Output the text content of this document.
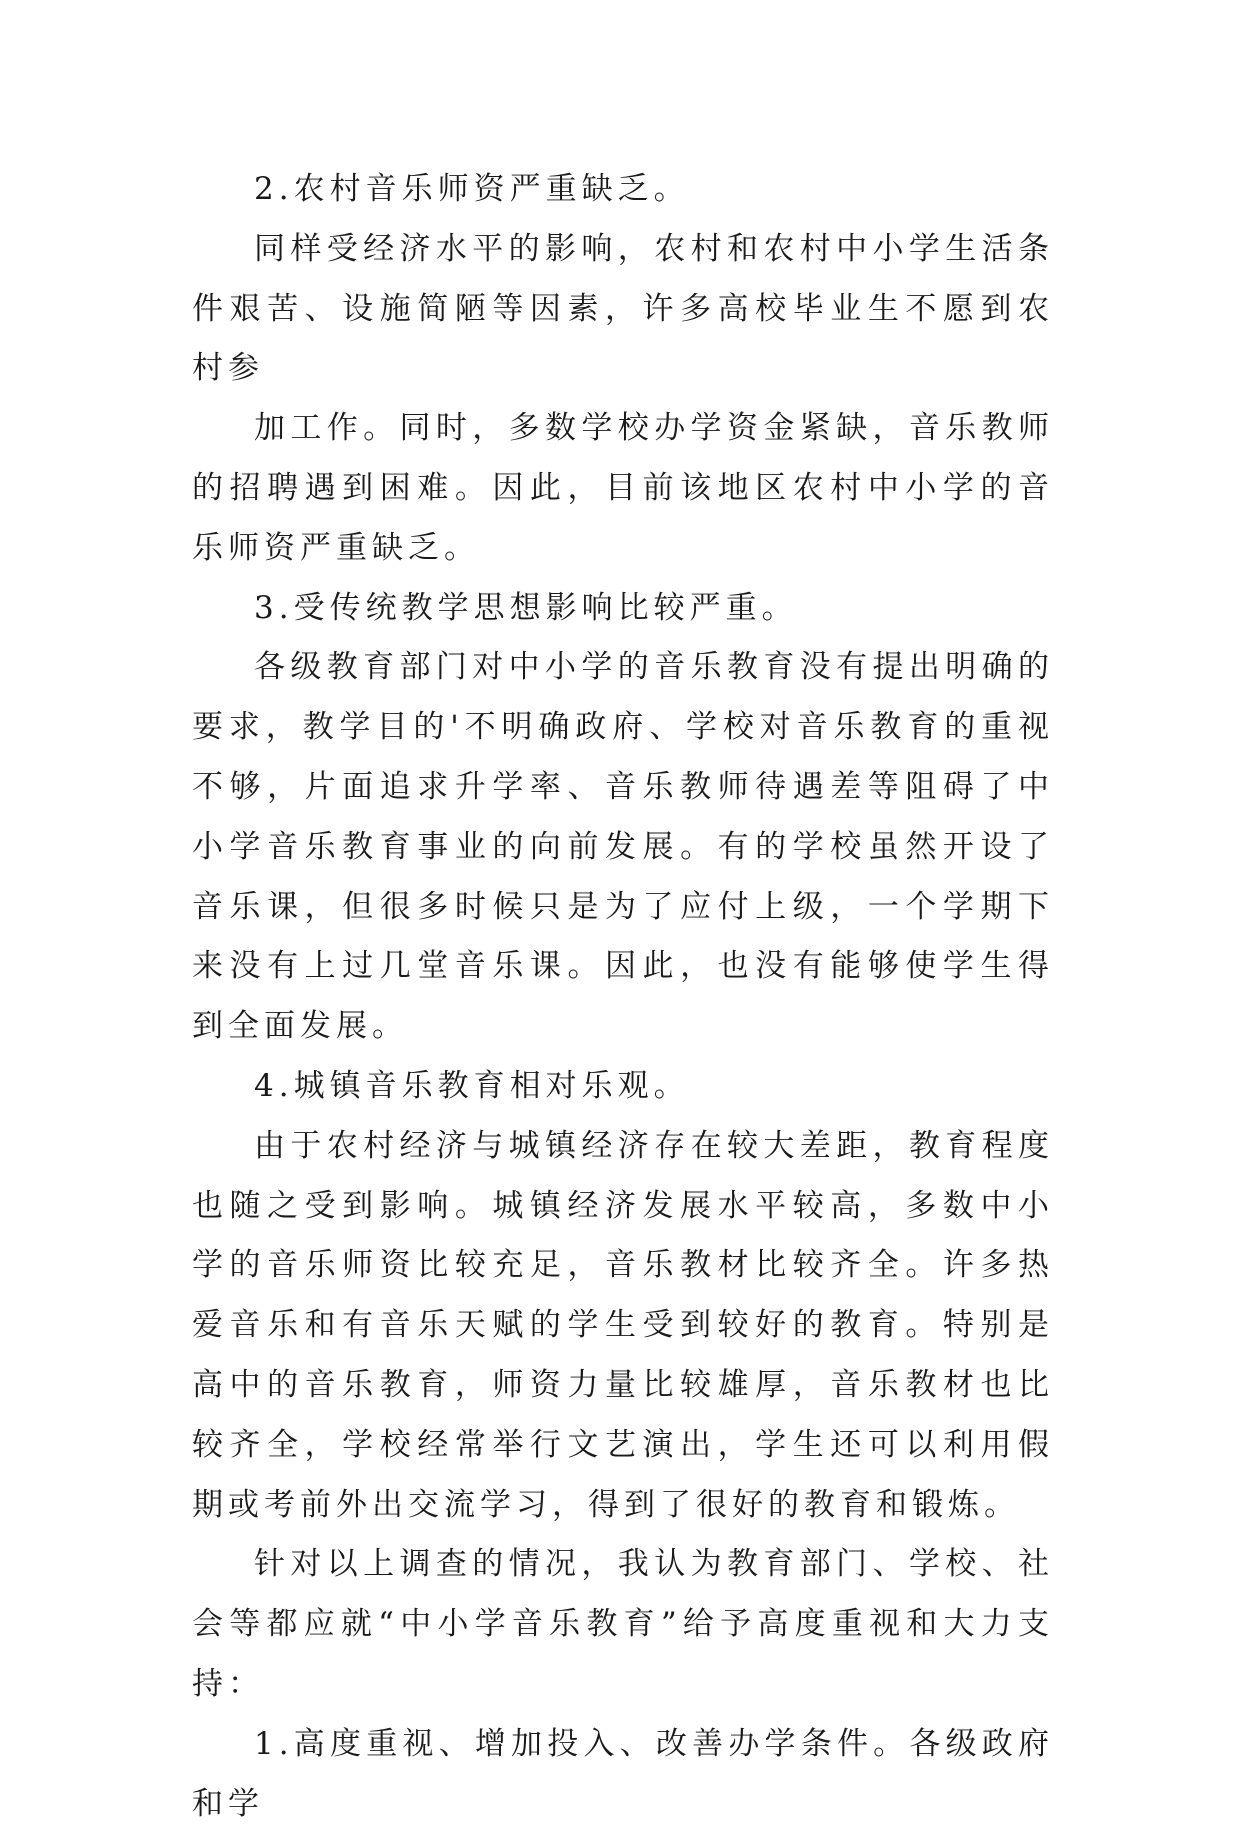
2.农村音乐师资严重缺乏。

同样受经济水平的影响，农村和农村中小学生活条件艰苦、设施简陋等因素，许多高校毕业生不愿到农村参

加工作。同时，多数学校办学资金紧缺，音乐教师的招聘遇到困难。因此，目前该地区农村中小学的音乐师资严重缺乏。

3.受传统教学思想影响比较严重。

各级教育部门对中小学的音乐教育没有提出明确的要求，教学目的'不明确政府、学校对音乐教育的重视不够，片面追求升学率、音乐教师待遇差等阻碍了中小学音乐教育事业的向前发展。有的学校虽然开设了音乐课，但很多时候只是为了应付上级，一个学期下来没有上过几堂音乐课。因此，也没有能够使学生得到全面发展。

4.城镇音乐教育相对乐观。

由于农村经济与城镇经济存在较大差距，教育程度也随之受到影响。城镇经济发展水平较高，多数中小学的音乐师资比较充足，音乐教材比较齐全。许多热爱音乐和有音乐天赋的学生受到较好的教育。特别是高中的音乐教育，师资力量比较雄厚，音乐教材也比较齐全，学校经常举行文艺演出，学生还可以利用假期或考前外出交流学习，得到了很好的教育和锻炼。

针对以上调查的情况，我认为教育部门、学校、社会等都应就“中小学音乐教育”给予高度重视和大力支持：

1.高度重视、增加投入、改善办学条件。各级政府和学
